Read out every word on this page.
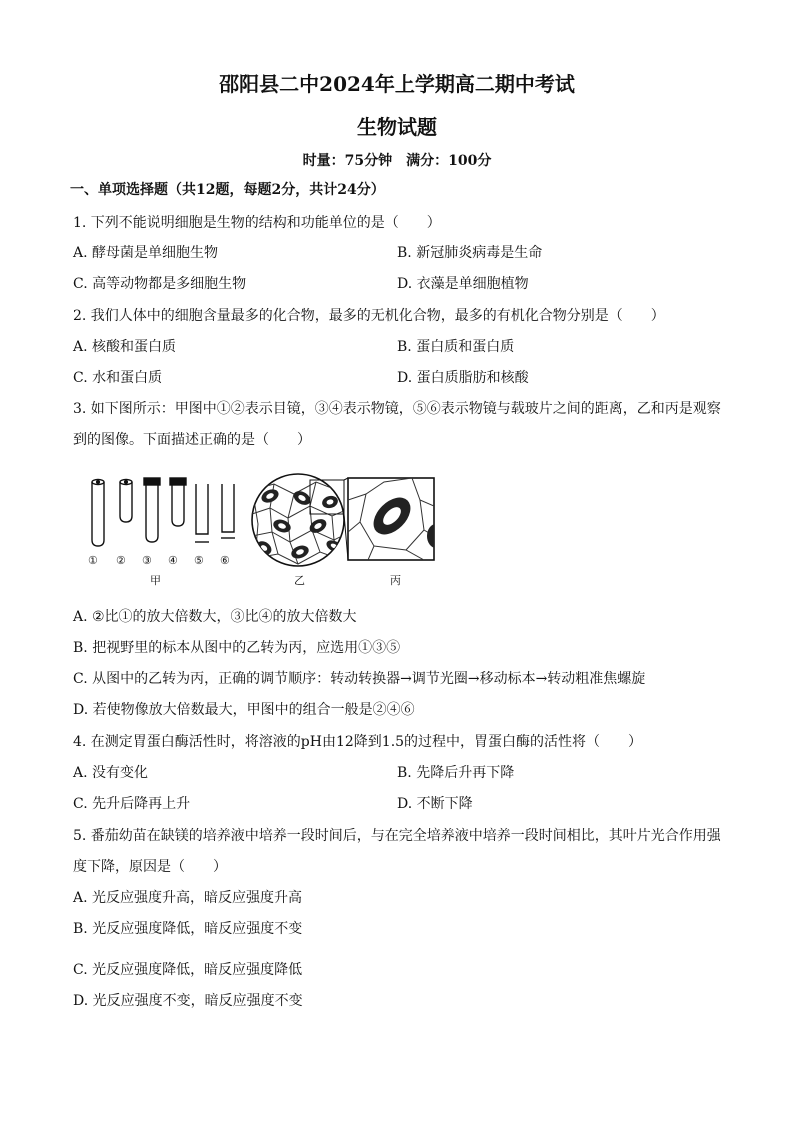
邵阳县二中2024年上学期高二期中考试
生物试题
时量：75分钟　满分：100分
一、单项选择题（共12题，每题2分，共计24分）
1. 下列不能说明细胞是生物的结构和功能单位的是（　　）
A. 酵母菌是单细胞生物	B. 新冠肺炎病毒是生命
C. 高等动物都是多细胞生物	D. 衣藻是单细胞植物
2. 我们人体中的细胞含量最多的化合物，最多的无机化合物，最多的有机化合物分别是（　　）
A. 核酸和蛋白质	B. 蛋白质和蛋白质
C. 水和蛋白质	D. 蛋白质脂肪和核酸
3. 如下图所示：甲图中①②表示目镜，③④表示物镜，⑤⑥表示物镜与载玻片之间的距离，乙和丙是观察
到的图像。下面描述正确的是（　　）
① ② ③ ④ ⑤ ⑥
甲	乙	丙
A. ②比①的放大倍数大，③比④的放大倍数大
B. 把视野里的标本从图中的乙转为丙，应选用①③⑤
C. 从图中的乙转为丙，正确的调节顺序：转动转换器→调节光圈→移动标本→转动粗准焦螺旋
D. 若使物像放大倍数最大，甲图中的组合一般是②④⑥
4. 在测定胃蛋白酶活性时，将溶液的pH由12降到1.5的过程中，胃蛋白酶的活性将（　　）
A. 没有变化	B. 先降后升再下降
C. 先升后降再上升	D. 不断下降
5. 番茄幼苗在缺镁的培养液中培养一段时间后，与在完全培养液中培养一段时间相比，其叶片光合作用强
度下降，原因是（　　）
A. 光反应强度升高，暗反应强度升高
B. 光反应强度降低，暗反应强度不变
C. 光反应强度降低，暗反应强度降低
D. 光反应强度不变，暗反应强度不变
